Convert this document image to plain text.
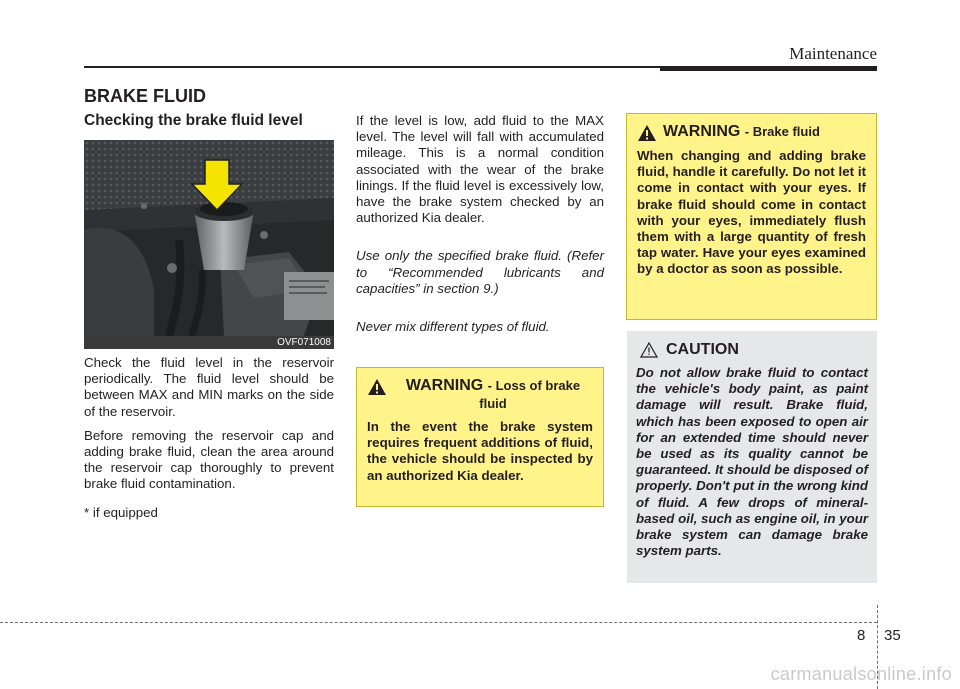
Maintenance
BRAKE FLUID
Checking the brake fluid level
OVF071008

Check the fluid level in the reservoir periodically. The fluid level should be between MAX and MIN marks on the side of the reservoir.

Before removing the reservoir cap and adding brake fluid, clean the area around the reservoir cap thoroughly to prevent brake fluid contamination.

* if equipped

If the level is low, add fluid to the MAX level. The level will fall with accumulated mileage. This is a normal condition associated with the wear of the brake linings. If the fluid level is excessively low, have the brake system checked by an authorized Kia dealer.

Use only the specified brake fluid. (Refer to “Recommended lubricants and capacities” in section 9.)

Never mix different types of fluid.

WARNING - Loss of brake fluid

In the event the brake system requires frequent additions of fluid, the vehicle should be inspected by an authorized Kia dealer.

WARNING - Brake fluid

When changing and adding brake fluid, handle it carefully. Do not let it come in contact with your eyes. If brake fluid should come in contact with your eyes, immediately flush them with a large quantity of fresh tap water. Have your eyes examined by a doctor as soon as possible.

CAUTION

Do not allow brake fluid to contact the vehicle's body paint, as paint damage will result. Brake fluid, which has been exposed to open air for an extended time should never be used as its quality cannot be guaranteed. It should be disposed of properly. Don't put in the wrong kind of fluid. A few drops of mineral-based oil, such as engine oil, in your brake system can damage brake system parts.

8 35
carmanualsonline.info
